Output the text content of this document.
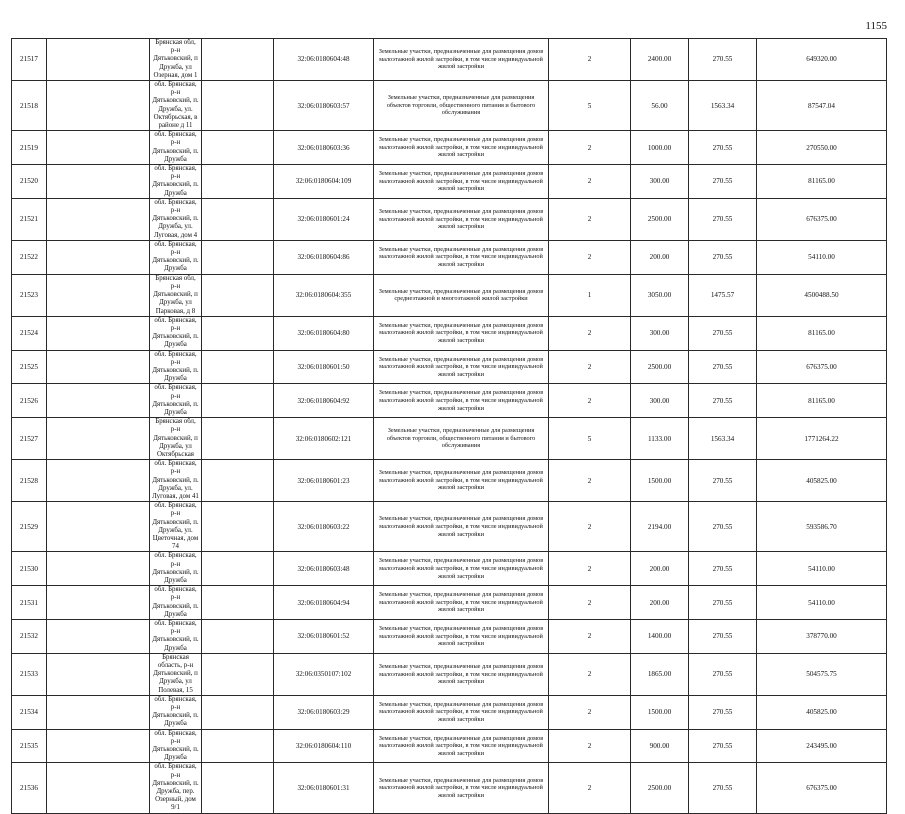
1155
21517		Брянская обл, р-н Дятьковский, п Дружба, ул Озерная, дом 1		32:06:0180604:48	Земельные участки, предназначенные для размещения домов малоэтажной жилой застройки, в том числе индивидуальной жилой застройки	2	2400.00	270.55	649320.00
21518		обл. Брянская, р-н Дятьковский, п. Дружба, ул. Октябрьская, в районе д 11		32:06:0180603:57	Земельные участки, предназначенные для размещения объектов торговли, общественного питания и бытового обслуживания	5	56.00	1563.34	87547.04
21519		обл. Брянская, р-н Дятьковский, п. Дружба		32:06:0180603:36	Земельные участки, предназначенные для размещения домов малоэтажной жилой застройки, в том числе индивидуальной жилой застройки	2	1000.00	270.55	270550.00
21520		обл. Брянская, р-н Дятьковский, п. Дружба		32:06:0180604:109	Земельные участки, предназначенные для размещения домов малоэтажной жилой застройки, в том числе индивидуальной жилой застройки	2	300.00	270.55	81165.00
21521		обл. Брянская, р-н Дятьковский, п. Дружба, ул. Луговая, дом 4		32:06:0180601:24	Земельные участки, предназначенные для размещения домов малоэтажной жилой застройки, в том числе индивидуальной жилой застройки	2	2500.00	270.55	676375.00
21522		обл. Брянская, р-н Дятьковский, п. Дружба		32:06:0180604:86	Земельные участки, предназначенные для размещения домов малоэтажной жилой застройки, в том числе индивидуальной жилой застройки	2	200.00	270.55	54110.00
21523		Брянская обл, р-н Дятьковский, п Дружба, ул Парковая, д 8		32:06:0180604:355	Земельные участки, предназначенные для размещения домов среднеэтажной и многоэтажной жилой застройки	1	3050.00	1475.57	4500488.50
21524		обл. Брянская, р-н Дятьковский, п. Дружба		32:06:0180604:80	Земельные участки, предназначенные для размещения домов малоэтажной жилой застройки, в том числе индивидуальной жилой застройки	2	300.00	270.55	81165.00
21525		обл. Брянская, р-н Дятьковский, п. Дружба		32:06:0180601:50	Земельные участки, предназначенные для размещения домов малоэтажной жилой застройки, в том числе индивидуальной жилой застройки	2	2500.00	270.55	676375.00
21526		обл. Брянская, р-н Дятьковский, п. Дружба		32:06:0180604:92	Земельные участки, предназначенные для размещения домов малоэтажной жилой застройки, в том числе индивидуальной жилой застройки	2	300.00	270.55	81165.00
21527		Брянская обл, р-н Дятьковский, п Дружба, ул Октябрьская		32:06:0180602:121	Земельные участки, предназначенные для размещения объектов торговли, общественного питания и бытового обслуживания	5	1133.00	1563.34	1771264.22
21528		обл. Брянская, р-н Дятьковский, п. Дружба, ул. Луговая, дом 41		32:06:0180601:23	Земельные участки, предназначенные для размещения домов малоэтажной жилой застройки, в том числе индивидуальной жилой застройки	2	1500.00	270.55	405825.00
21529		обл. Брянская, р-н Дятьковский, п. Дружба, ул. Цветочная, дом 74		32:06:0180603:22	Земельные участки, предназначенные для размещения домов малоэтажной жилой застройки, в том числе индивидуальной жилой застройки	2	2194.00	270.55	593586.70
21530		обл. Брянская, р-н Дятьковский, п. Дружба		32:06:0180603:48	Земельные участки, предназначенные для размещения домов малоэтажной жилой застройки, в том числе индивидуальной жилой застройки	2	200.00	270.55	54110.00
21531		обл. Брянская, р-н Дятьковский, п. Дружба		32:06:0180604:94	Земельные участки, предназначенные для размещения домов малоэтажной жилой застройки, в том числе индивидуальной жилой застройки	2	200.00	270.55	54110.00
21532		обл. Брянская, р-н Дятьковский, п. Дружба		32:06:0180601:52	Земельные участки, предназначенные для размещения домов малоэтажной жилой застройки, в том числе индивидуальной жилой застройки	2	1400.00	270.55	378770.00
21533		Брянская область, р-н Дятьковский, п Дружба, ул Полевая, 15		32:06:0350107:102	Земельные участки, предназначенные для размещения домов малоэтажной жилой застройки, в том числе индивидуальной жилой застройки	2	1865.00	270.55	504575.75
21534		обл. Брянская, р-н Дятьковский, п. Дружба		32:06:0180603:29	Земельные участки, предназначенные для размещения домов малоэтажной жилой застройки, в том числе индивидуальной жилой застройки	2	1500.00	270.55	405825.00
21535		обл. Брянская, р-н Дятьковский, п. Дружба		32:06:0180604:110	Земельные участки, предназначенные для размещения домов малоэтажной жилой застройки, в том числе индивидуальной жилой застройки	2	900.00	270.55	243495.00
21536		обл. Брянская, р-н Дятьковский, п. Дружба, пер. Озерный, дом 9/1		32:06:0180601:31	Земельные участки, предназначенные для размещения домов малоэтажной жилой застройки, в том числе индивидуальной жилой застройки	2	2500.00	270.55	676375.00
